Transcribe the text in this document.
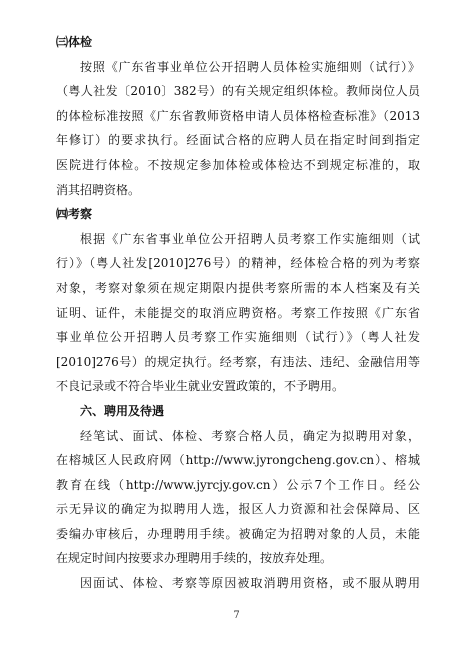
㈢体检
按照《广东省事业单位公开招聘人员体检实施细则（试行）》
（粤人社发〔2010〕382号）的有关规定组织体检。教师岗位人员
的体检标准按照《广东省教师资格申请人员体格检查标准》（2013
年修订）的要求执行。经面试合格的应聘人员在指定时间到指定
医院进行体检。不按规定参加体检或体检达不到规定标准的，取
消其招聘资格。
㈣考察
根据《广东省事业单位公开招聘人员考察工作实施细则（试
行）》（粤人社发[2010]276号）的精神，经体检合格的列为考察
对象，考察对象须在规定期限内提供考察所需的本人档案及有关
证明、证件，未能提交的取消应聘资格。考察工作按照《广东省
事业单位公开招聘人员考察工作实施细则（试行）》（粤人社发
[2010]276号）的规定执行。经考察，有违法、违纪、金融信用等
不良记录或不符合毕业生就业安置政策的，不予聘用。
六、聘用及待遇
经笔试、面试、体检、考察合格人员，确定为拟聘用对象，
在榕城区人民政府网（http://www.jyrongcheng.gov.cn）、榕城
教育在线（http://www.jyrcjy.gov.cn）公示7个工作日。经公
示无异议的确定为拟聘用人选，报区人力资源和社会保障局、区
委编办审核后，办理聘用手续。被确定为招聘对象的人员，未能
在规定时间内按要求办理聘用手续的，按放弃处理。
因面试、体检、考察等原因被取消聘用资格，或不服从聘用
7
